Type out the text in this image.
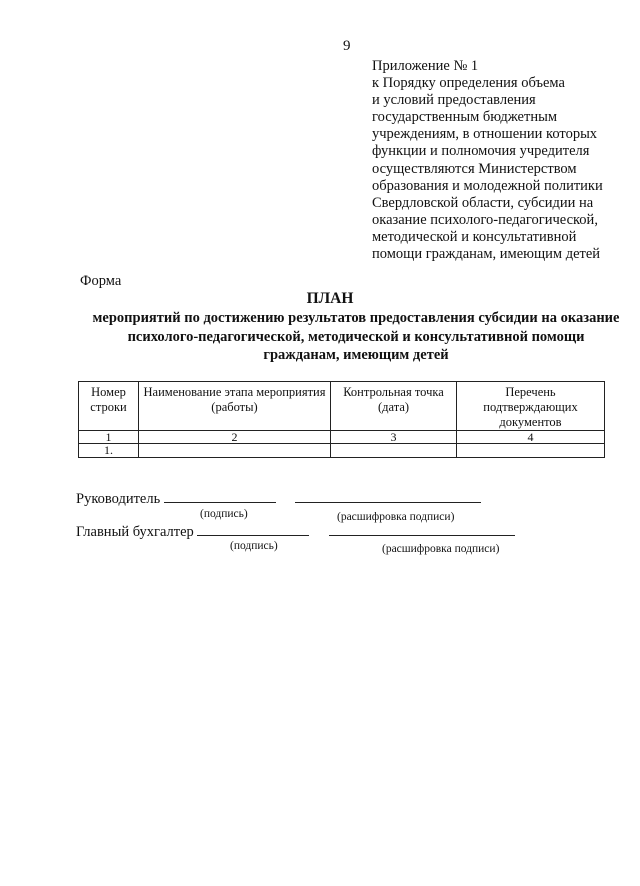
9
Приложение № 1
к Порядку определения объема
и условий предоставления
государственным бюджетным
учреждениям, в отношении которых
функции и полномочия учредителя
осуществляются Министерством
образования и молодежной политики
Свердловской области, субсидии на
оказание психолого-педагогической,
методической и консультативной
помощи гражданам, имеющим детей
Форма
ПЛАН
мероприятий по достижению результатов предоставления субсидии на оказание
психолого-педагогической, методической и консультативной помощи
гражданам, имеющим детей
Номер строки	Наименование этапа мероприятия (работы)	Контрольная точка (дата)	Перечень подтверждающих документов
1	2	3	4
1.			
Руководитель
(подпись)	(расшифровка подписи)
Главный бухгалтер
(подпись)	(расшифровка подписи)
